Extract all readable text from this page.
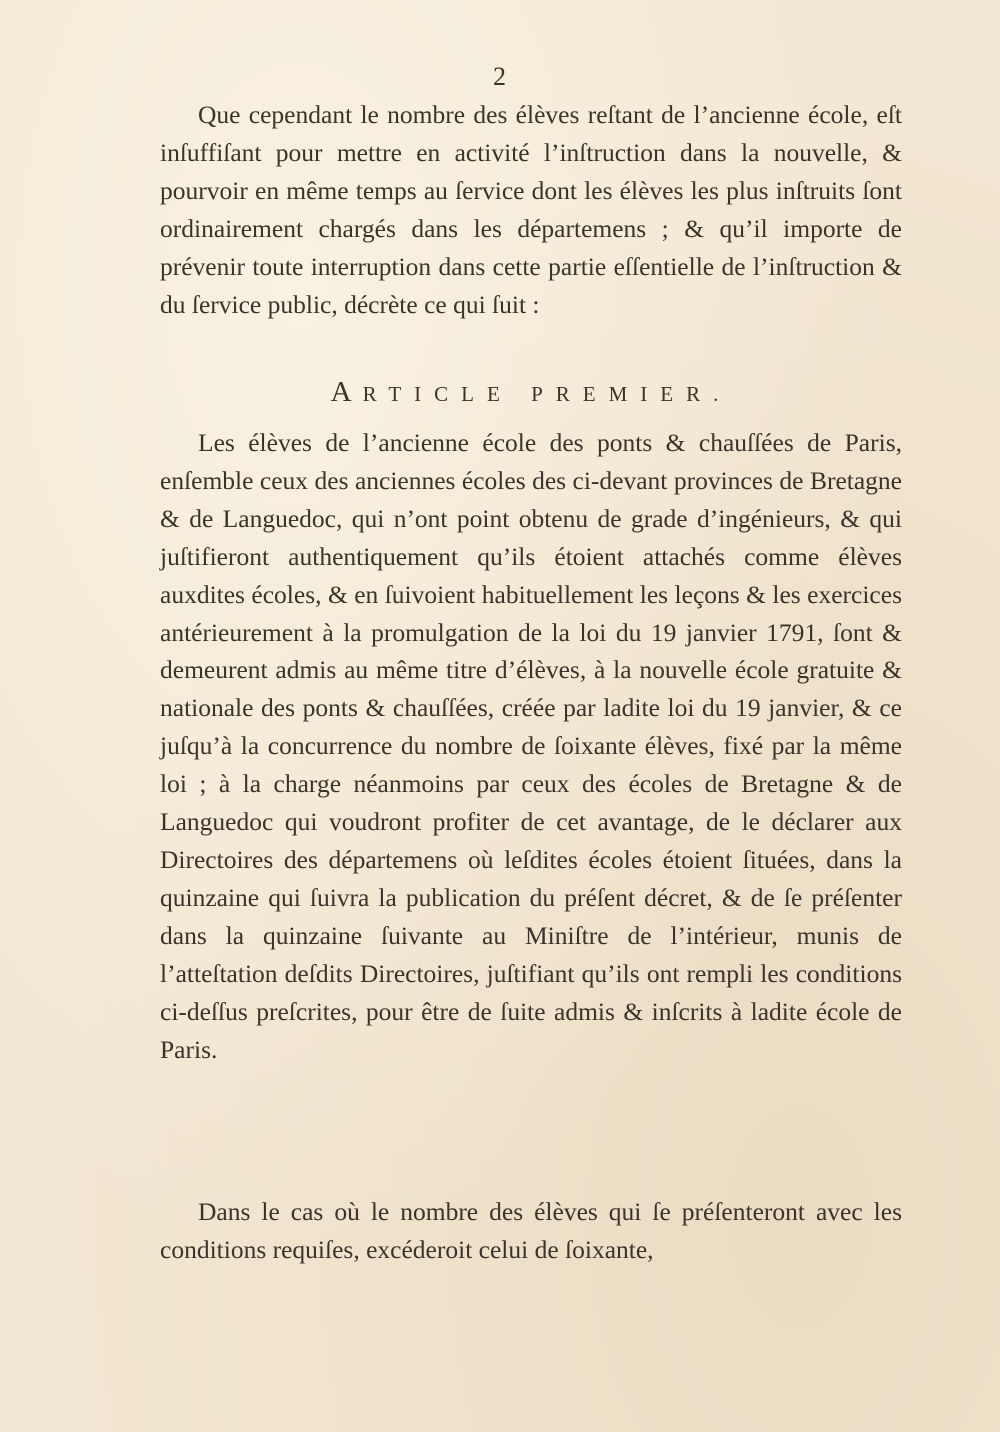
2

Que cependant le nombre des élèves reſtant de l’ancienne école, eſt inſuffiſant pour mettre en activité l’inſtruction dans la nouvelle, & pourvoir en même temps au ſervice dont les élèves les plus inſtruits ſont ordinairement chargés dans les départemens ; & qu’il importe de prévenir toute interruption dans cette partie eſſentielle de l’inſtruction & du ſervice public, décrète ce qui ſuit :

ARTICLE PREMIER.

Les élèves de l’ancienne école des ponts & chauſſées de Paris, enſemble ceux des anciennes écoles des ci-devant provinces de Bretagne & de Languedoc, qui n’ont point obtenu de grade d’ingénieurs, & qui juſtifieront authentiquement qu’ils étoient attachés comme élèves auxdites écoles, & en ſuivoient habituellement les leçons & les exercices antérieurement à la promulgation de la loi du 19 janvier 1791, ſont & demeurent admis au même titre d’élèves, à la nouvelle école gratuite & nationale des ponts & chauſſées, créée par ladite loi du 19 janvier, & ce juſqu’à la concurrence du nombre de ſoixante élèves, fixé par la même loi ; à la charge néanmoins par ceux des écoles de Bretagne & de Languedoc qui voudront profiter de cet avantage, de le déclarer aux Directoires des départemens où leſdites écoles étoient ſituées, dans la quinzaine qui ſuivra la publication du préſent décret, & de ſe préſenter dans la quinzaine ſuivante au Miniſtre de l’intérieur, munis de l’atteſtation deſdits Directoires, juſtifiant qu’ils ont rempli les conditions ci-deſſus preſcrites, pour être de ſuite admis & inſcrits à ladite école de Paris.

Dans le cas où le nombre des élèves qui ſe préſenteront avec les conditions requiſes, excéderoit celui de ſoixante,
